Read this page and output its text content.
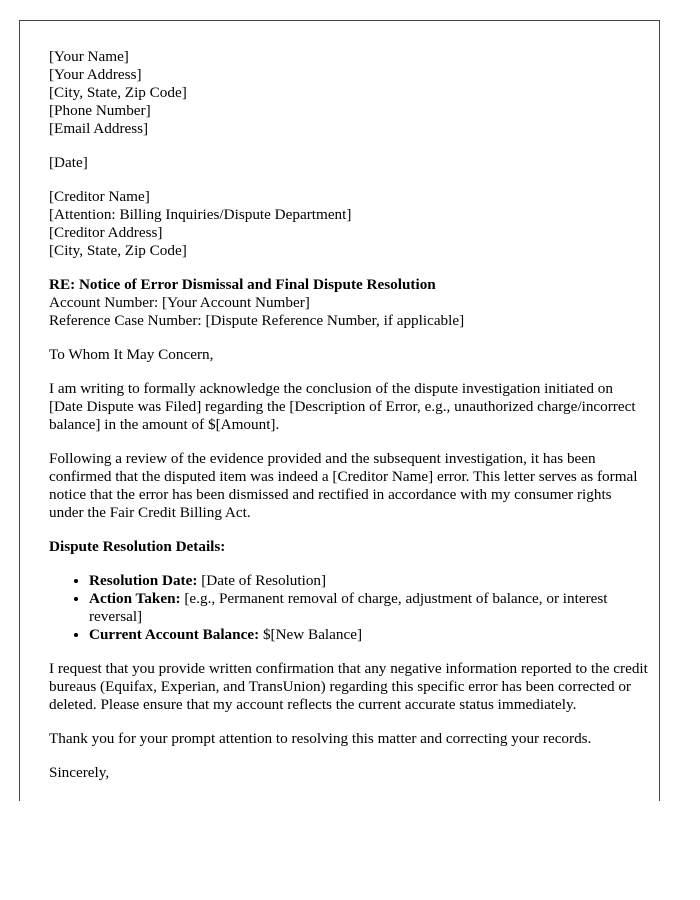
[Your Name]
[Your Address]
[City, State, Zip Code]
[Phone Number]
[Email Address]
[Date]
[Creditor Name]
[Attention: Billing Inquiries/Dispute Department]
[Creditor Address]
[City, State, Zip Code]
RE: Notice of Error Dismissal and Final Dispute Resolution
Account Number: [Your Account Number]
Reference Case Number: [Dispute Reference Number, if applicable]

To Whom It May Concern,

I am writing to formally acknowledge the conclusion of the dispute investigation initiated on [Date Dispute was Filed] regarding the [Description of Error, e.g., unauthorized charge/incorrect balance] in the amount of $[Amount].

Following a review of the evidence provided and the subsequent investigation, it has been confirmed that the disputed item was indeed a [Creditor Name] error. This letter serves as formal notice that the error has been dismissed and rectified in accordance with my consumer rights under the Fair Credit Billing Act.

Dispute Resolution Details:

• Resolution Date: [Date of Resolution]
• Action Taken: [e.g., Permanent removal of charge, adjustment of balance, or interest reversal]
• Current Account Balance: $[New Balance]

I request that you provide written confirmation that any negative information reported to the credit bureaus (Equifax, Experian, and TransUnion) regarding this specific error has been corrected or deleted. Please ensure that my account reflects the current accurate status immediately.

Thank you for your prompt attention to resolving this matter and correcting your records.

Sincerely,
